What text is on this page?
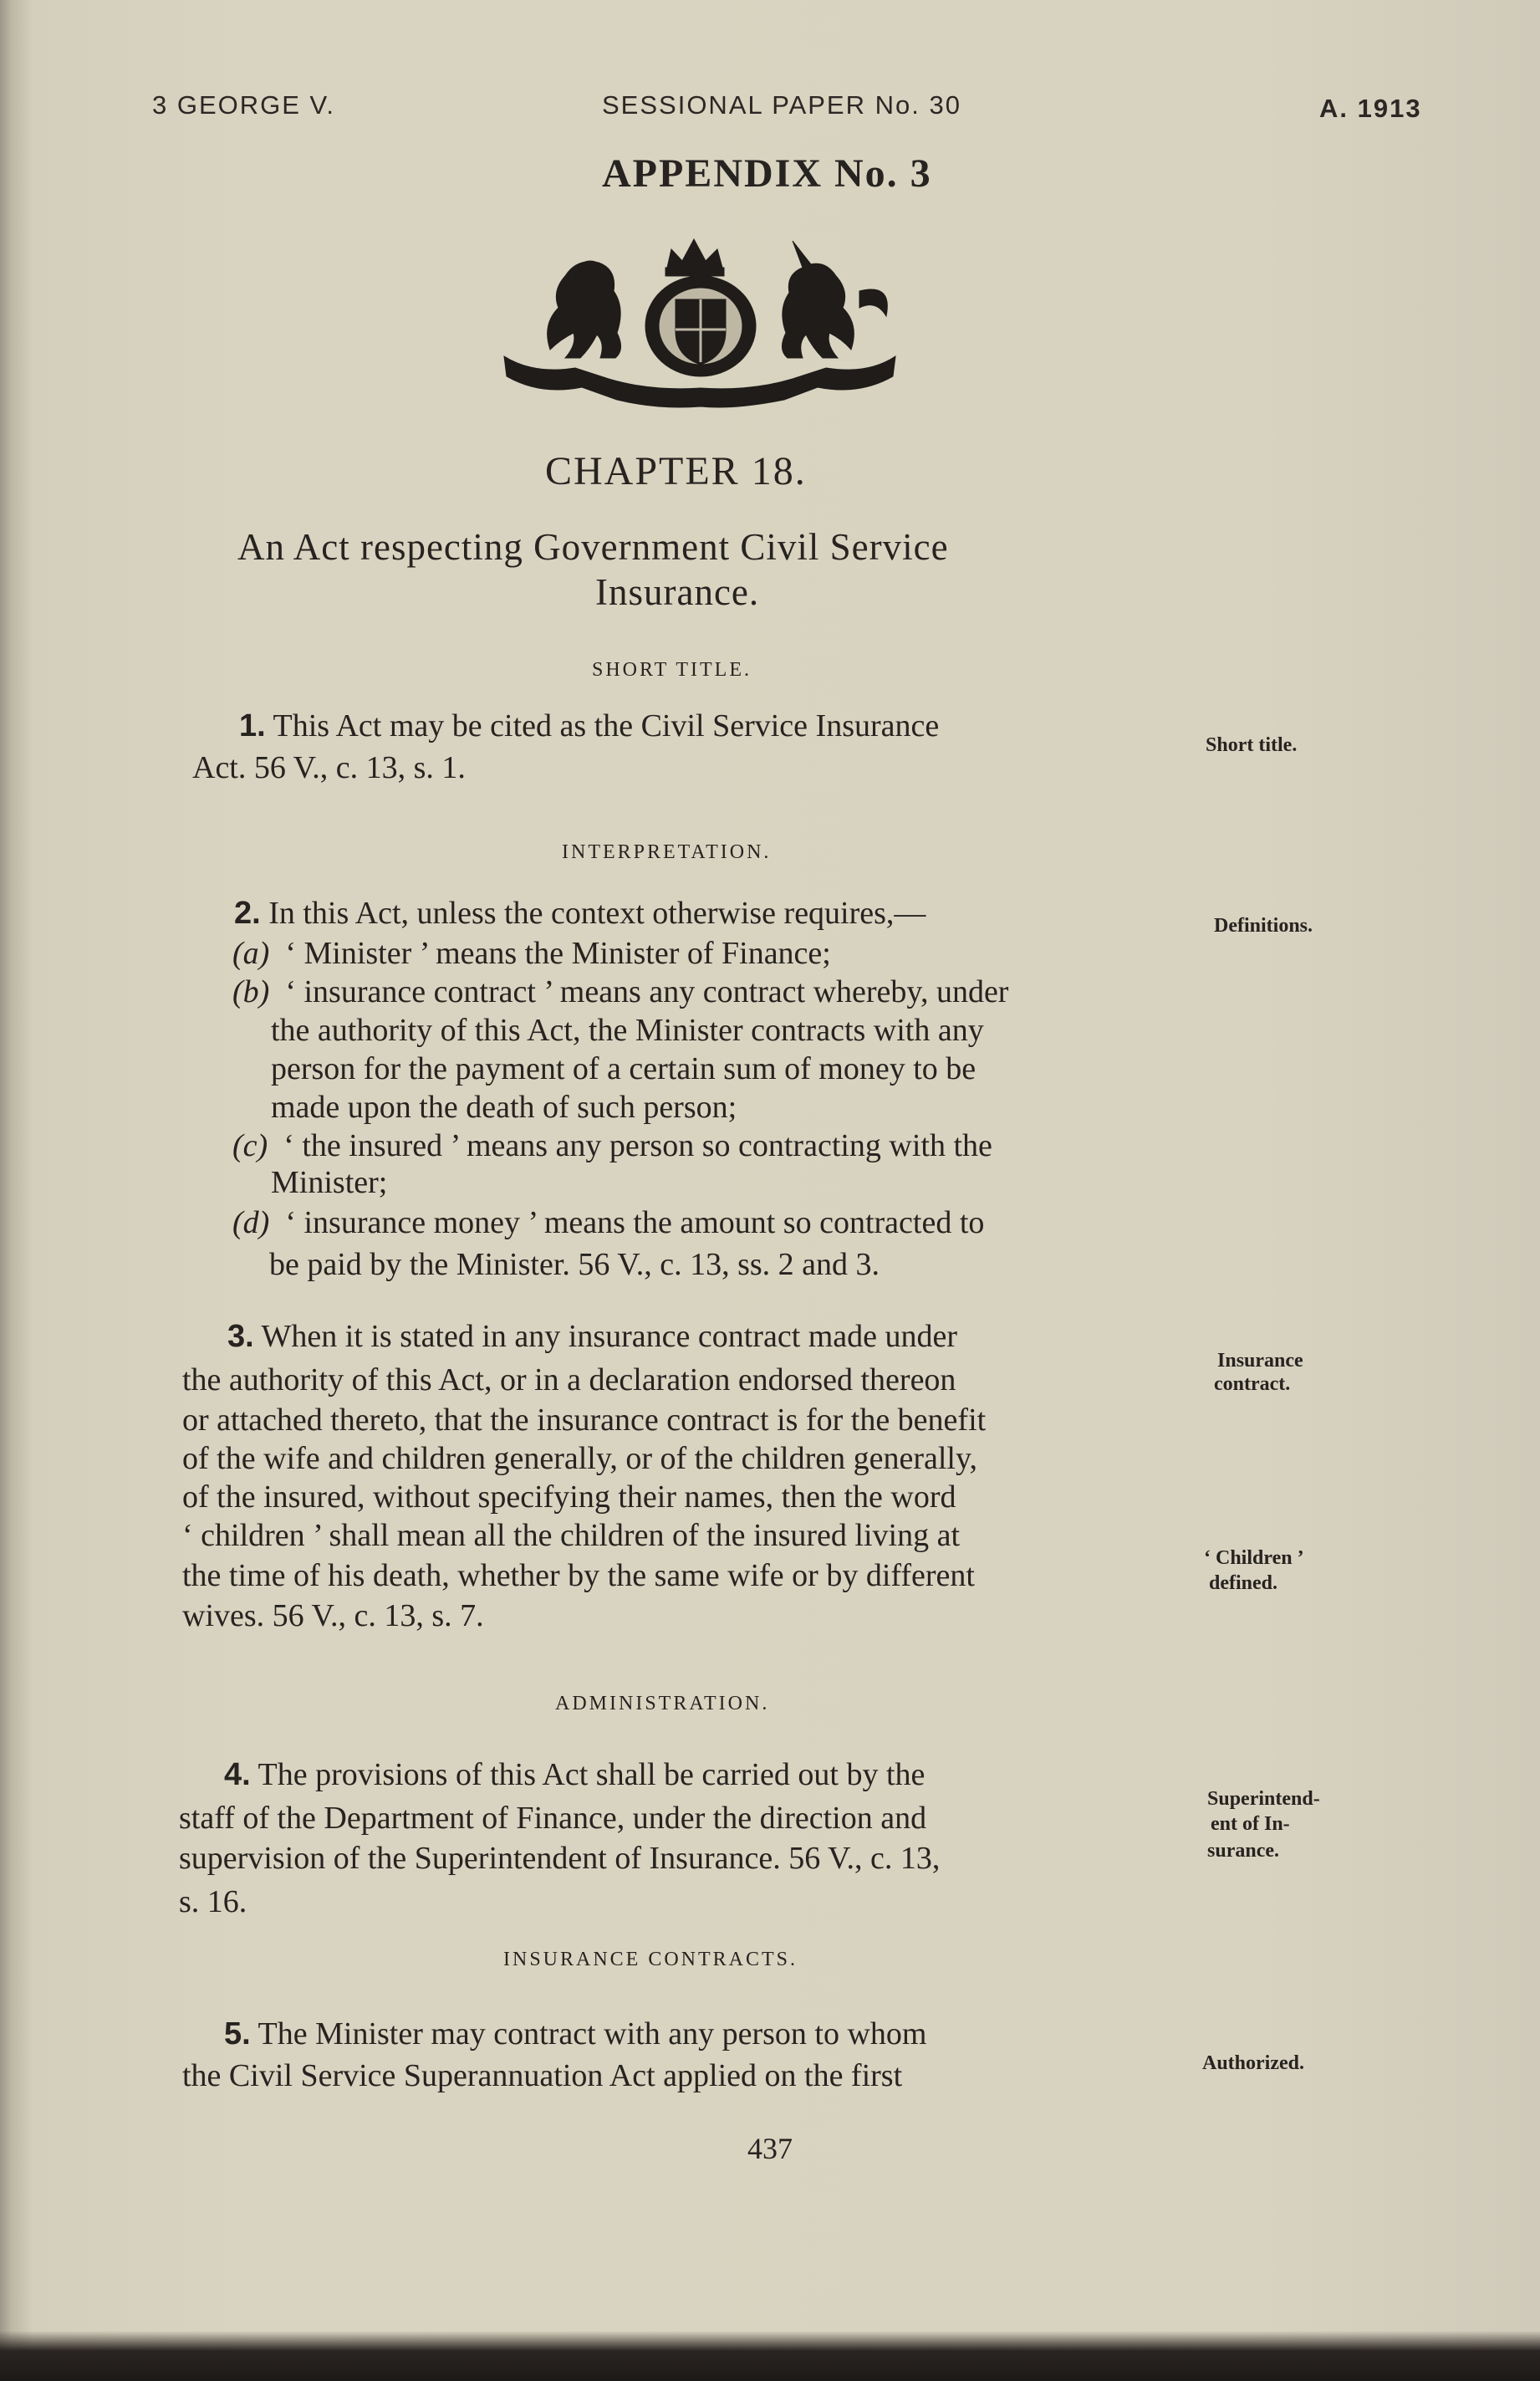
3 GEORGE V.	SESSIONAL PAPER No. 30	A. 1913
APPENDIX No. 3
CHAPTER 18.
An Act respecting Government Civil Service
Insurance.
SHORT TITLE.
1. This Act may be cited as the Civil Service Insurance
Act. 56 V., c. 13, s. 1.
Short title.
INTERPRETATION.
2. In this Act, unless the context otherwise requires,—	Definitions.
(a) ‘ Minister ’ means the Minister of Finance;
(b) ‘ insurance contract ’ means any contract whereby, under
the authority of this Act, the Minister contracts with any
person for the payment of a certain sum of money to be
made upon the death of such person;
(c) ‘ the insured ’ means any person so contracting with the
Minister;
(d) ‘ insurance money ’ means the amount so contracted to
be paid by the Minister. 56 V., c. 13, ss. 2 and 3.
3. When it is stated in any insurance contract made under
the authority of this Act, or in a declaration endorsed thereon
or attached thereto, that the insurance contract is for the benefit
of the wife and children generally, or of the children generally,
of the insured, without specifying their names, then the word
‘ children ’ shall mean all the children of the insured living at
the time of his death, whether by the same wife or by different
wives. 56 V., c. 13, s. 7.
Insurance
contract.
‘ Children ’
defined.
ADMINISTRATION.
4. The provisions of this Act shall be carried out by the
staff of the Department of Finance, under the direction and
supervision of the Superintendent of Insurance. 56 V., c. 13,
s. 16.
Superintend-
ent of In-
surance.
INSURANCE CONTRACTS.
5. The Minister may contract with any person to whom
the Civil Service Superannuation Act applied on the first	Authorized.
437
